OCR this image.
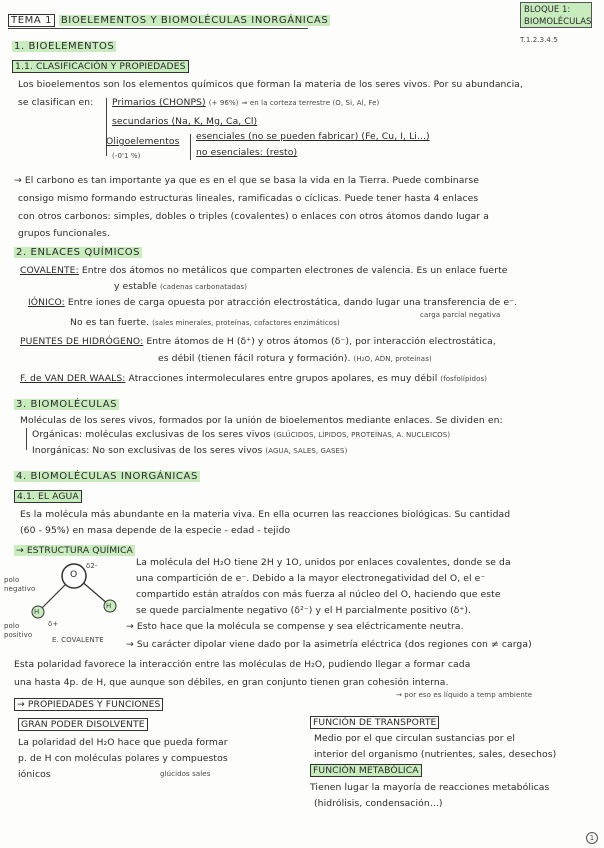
TEMA 1 BIOELEMENTOS Y BIOMOLÉCULAS INORGÁNICAS
BLOQUE 1:
BIOMOLÉCULAS
T.1.2.3.4.5
1. BIOELEMENTOS
1.1. CLASIFICACIÓN Y PROPIEDADES
Los bioelementos son los elementos químicos que forman la materia de los seres vivos. Por su abundancia,
se clasifican en: Primarios (CHONPS) (+ 96%) ⇒ en la corteza terrestre (O, Si, Al, Fe)
secundarios (Na, K, Mg, Ca, Cl)
Oligoelementos
(-0'1 %)
esenciales (no se pueden fabricar) (Fe, Cu, I, Li...)
no esenciales: (resto)
→ El carbono es tan importante ya que es en el que se basa la vida en la Tierra. Puede combinarse
consigo mismo formando estructuras lineales, ramificadas o cíclicas. Puede tener hasta 4 enlaces
con otros carbonos: simples, dobles o triples (covalentes) o enlaces con otros átomos dando lugar a
grupos funcionales.
2. ENLACES QUÍMICOS
COVALENTE: Entre dos átomos no metálicos que comparten electrones de valencia. Es un enlace fuerte
y estable (cadenas carbonatadas)
IÓNICO: Entre iones de carga opuesta por atracción electrostática, dando lugar una transferencia de e⁻.
carga parcial negativa
No es tan fuerte. (sales minerales, proteínas, cofactores enzimáticos)
PUENTES DE HIDRÓGENO: Entre átomos de H (δ⁺) y otros átomos (δ⁻), por interacción electrostática,
es débil (tienen fácil rotura y formación). (H₂O, ADN, proteínas)
F. de VAN DER WAALS: Atracciones intermoleculares entre grupos apolares, es muy débil (fosfolípidos)
3. BIOMOLÉCULAS
Moléculas de los seres vivos, formados por la unión de bioelementos mediante enlaces. Se dividen en:
Orgánicas: moléculas exclusivas de los seres vivos (GLÚCIDOS, LÍPIDOS, PROTEÍNAS, A. NUCLEICOS)
Inorgánicas: No son exclusivas de los seres vivos (AGUA, SALES, GASES)
4. BIOMOLÉCULAS INORGÁNICAS
4.1. EL AGUA
Es la molécula más abundante en la materia viva. En ella ocurren las reacciones biológicas. Su cantidad
(60 - 95%) en masa depende de la especie - edad - tejido
→ ESTRUCTURA QUÍMICA
O
H
H
δ2-
δ+
polo
negativo
polo
positivo
E. COVALENTE
La molécula del H₂O tiene 2H y 1O, unidos por enlaces covalentes, donde se da
una compartición de e⁻. Debido a la mayor electronegatividad del O, el e⁻
compartido están atraídos con más fuerza al núcleo del O, haciendo que este
se quede parcialmente negativo (δ²⁻) y el H parcialmente positivo (δ⁺).
→ Esto hace que la molécula se compense y sea eléctricamente neutra.
→ Su carácter dipolar viene dado por la asimetría eléctrica (dos regiones con ≠ carga)
Esta polaridad favorece la interacción entre las moléculas de H₂O, pudiendo llegar a formar cada
una hasta 4p. de H, que aunque son débiles, en gran conjunto tienen gran cohesión interna.
→ por eso es líquido a temp ambiente
→ PROPIEDADES Y FUNCIONES
GRAN PODER DISOLVENTE
La polaridad del H₂O hace que pueda formar
p. de H con moléculas polares y compuestos
iónicos	glúcidos sales
FUNCIÓN DE TRANSPORTE
Medio por el que circulan sustancias por el
interior del organismo (nutrientes, sales, desechos)
FUNCIÓN METABÓLICA
Tienen lugar la mayoría de reacciones metabólicas
(hidrólisis, condensación...)
1
